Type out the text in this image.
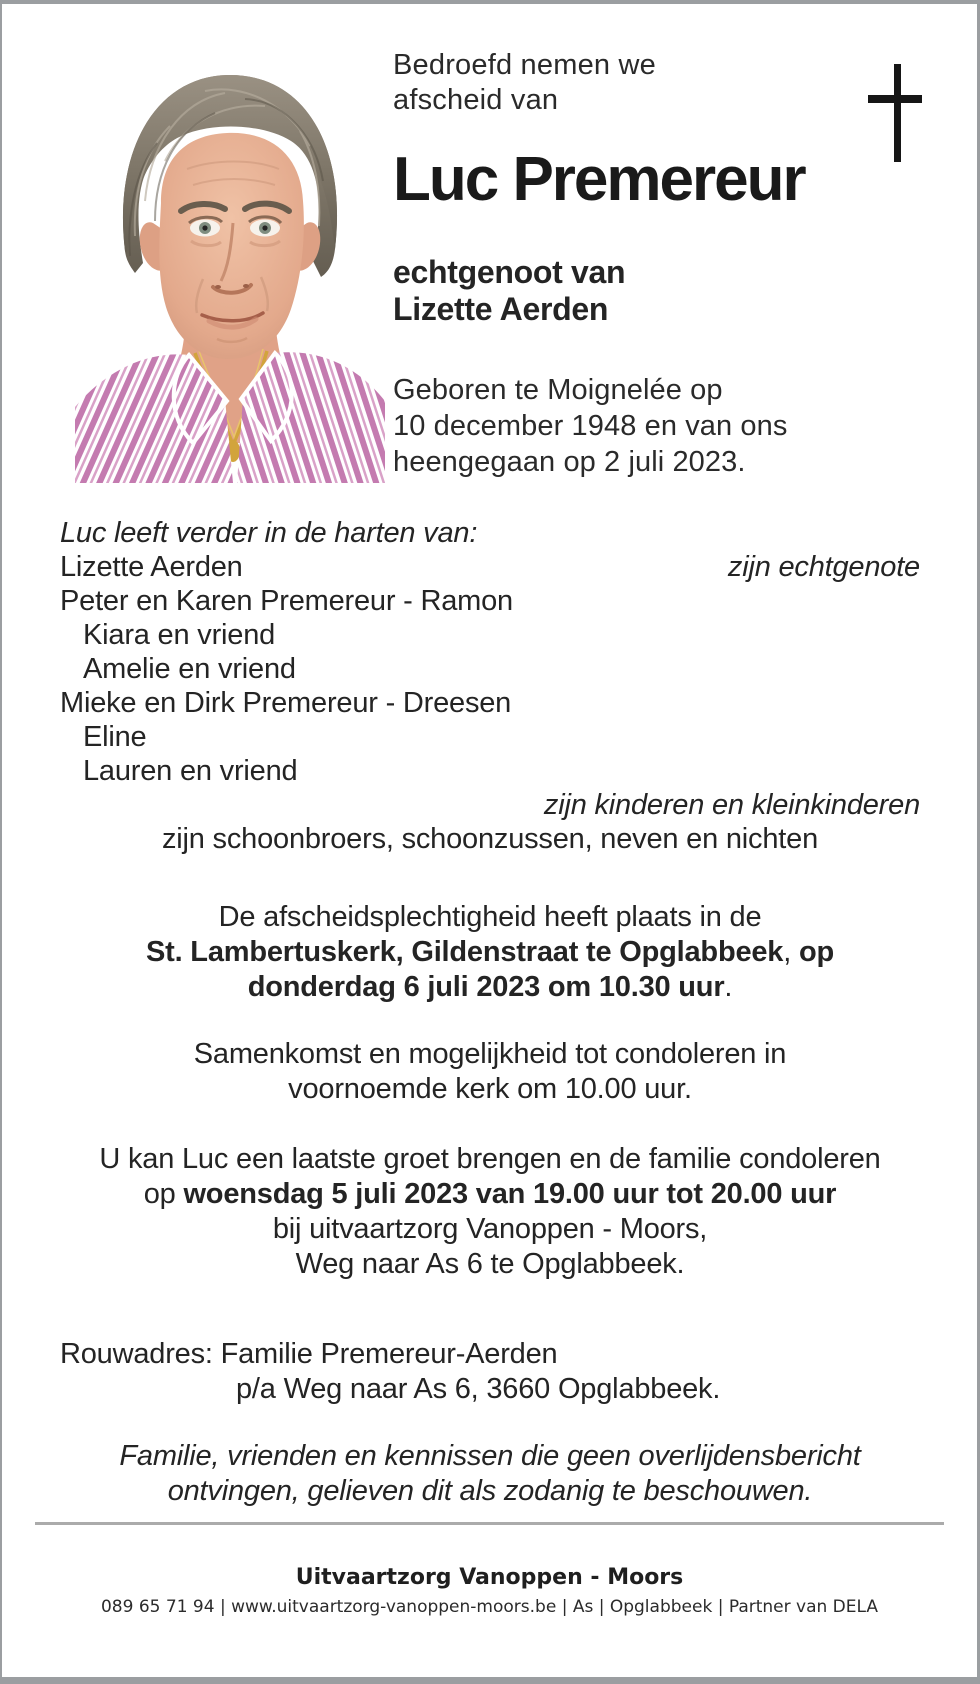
Bedroefd nemen we
afscheid van
Luc Premereur
echtgenoot van
Lizette Aerden
Geboren te Moignelée op
10 december 1948 en van ons
heengegaan op 2 juli 2023.

Luc leeft verder in de harten van:

Lizette Aerden	zijn echtgenote

Peter en Karen Premereur - Ramon

Kiara en vriend

Amelie en vriend

Mieke en Dirk Premereur - Dreesen

Eline

Lauren en vriend

zijn kinderen en kleinkinderen

zijn schoonbroers, schoonzussen, neven en nichten

De afscheidsplechtigheid heeft plaats in de

St. Lambertuskerk, Gildenstraat te Opglabbeek, op

donderdag 6 juli 2023 om 10.30 uur.

Samenkomst en mogelijkheid tot condoleren in

voornoemde kerk om 10.00 uur.

U kan Luc een laatste groet brengen en de familie condoleren

op woensdag 5 juli 2023 van 19.00 uur tot 20.00 uur

bij uitvaartzorg Vanoppen - Moors,

Weg naar As 6 te Opglabbeek.

Rouwadres: Familie Premereur-Aerden

p/a Weg naar As 6, 3660 Opglabbeek.

Familie, vrienden en kennissen die geen overlijdensbericht

ontvingen, gelieven dit als zodanig te beschouwen.

Uitvaartzorg Vanoppen - Moors

089 65 71 94 | www.uitvaartzorg-vanoppen-moors.be | As | Opglabbeek | Partner van DELA
